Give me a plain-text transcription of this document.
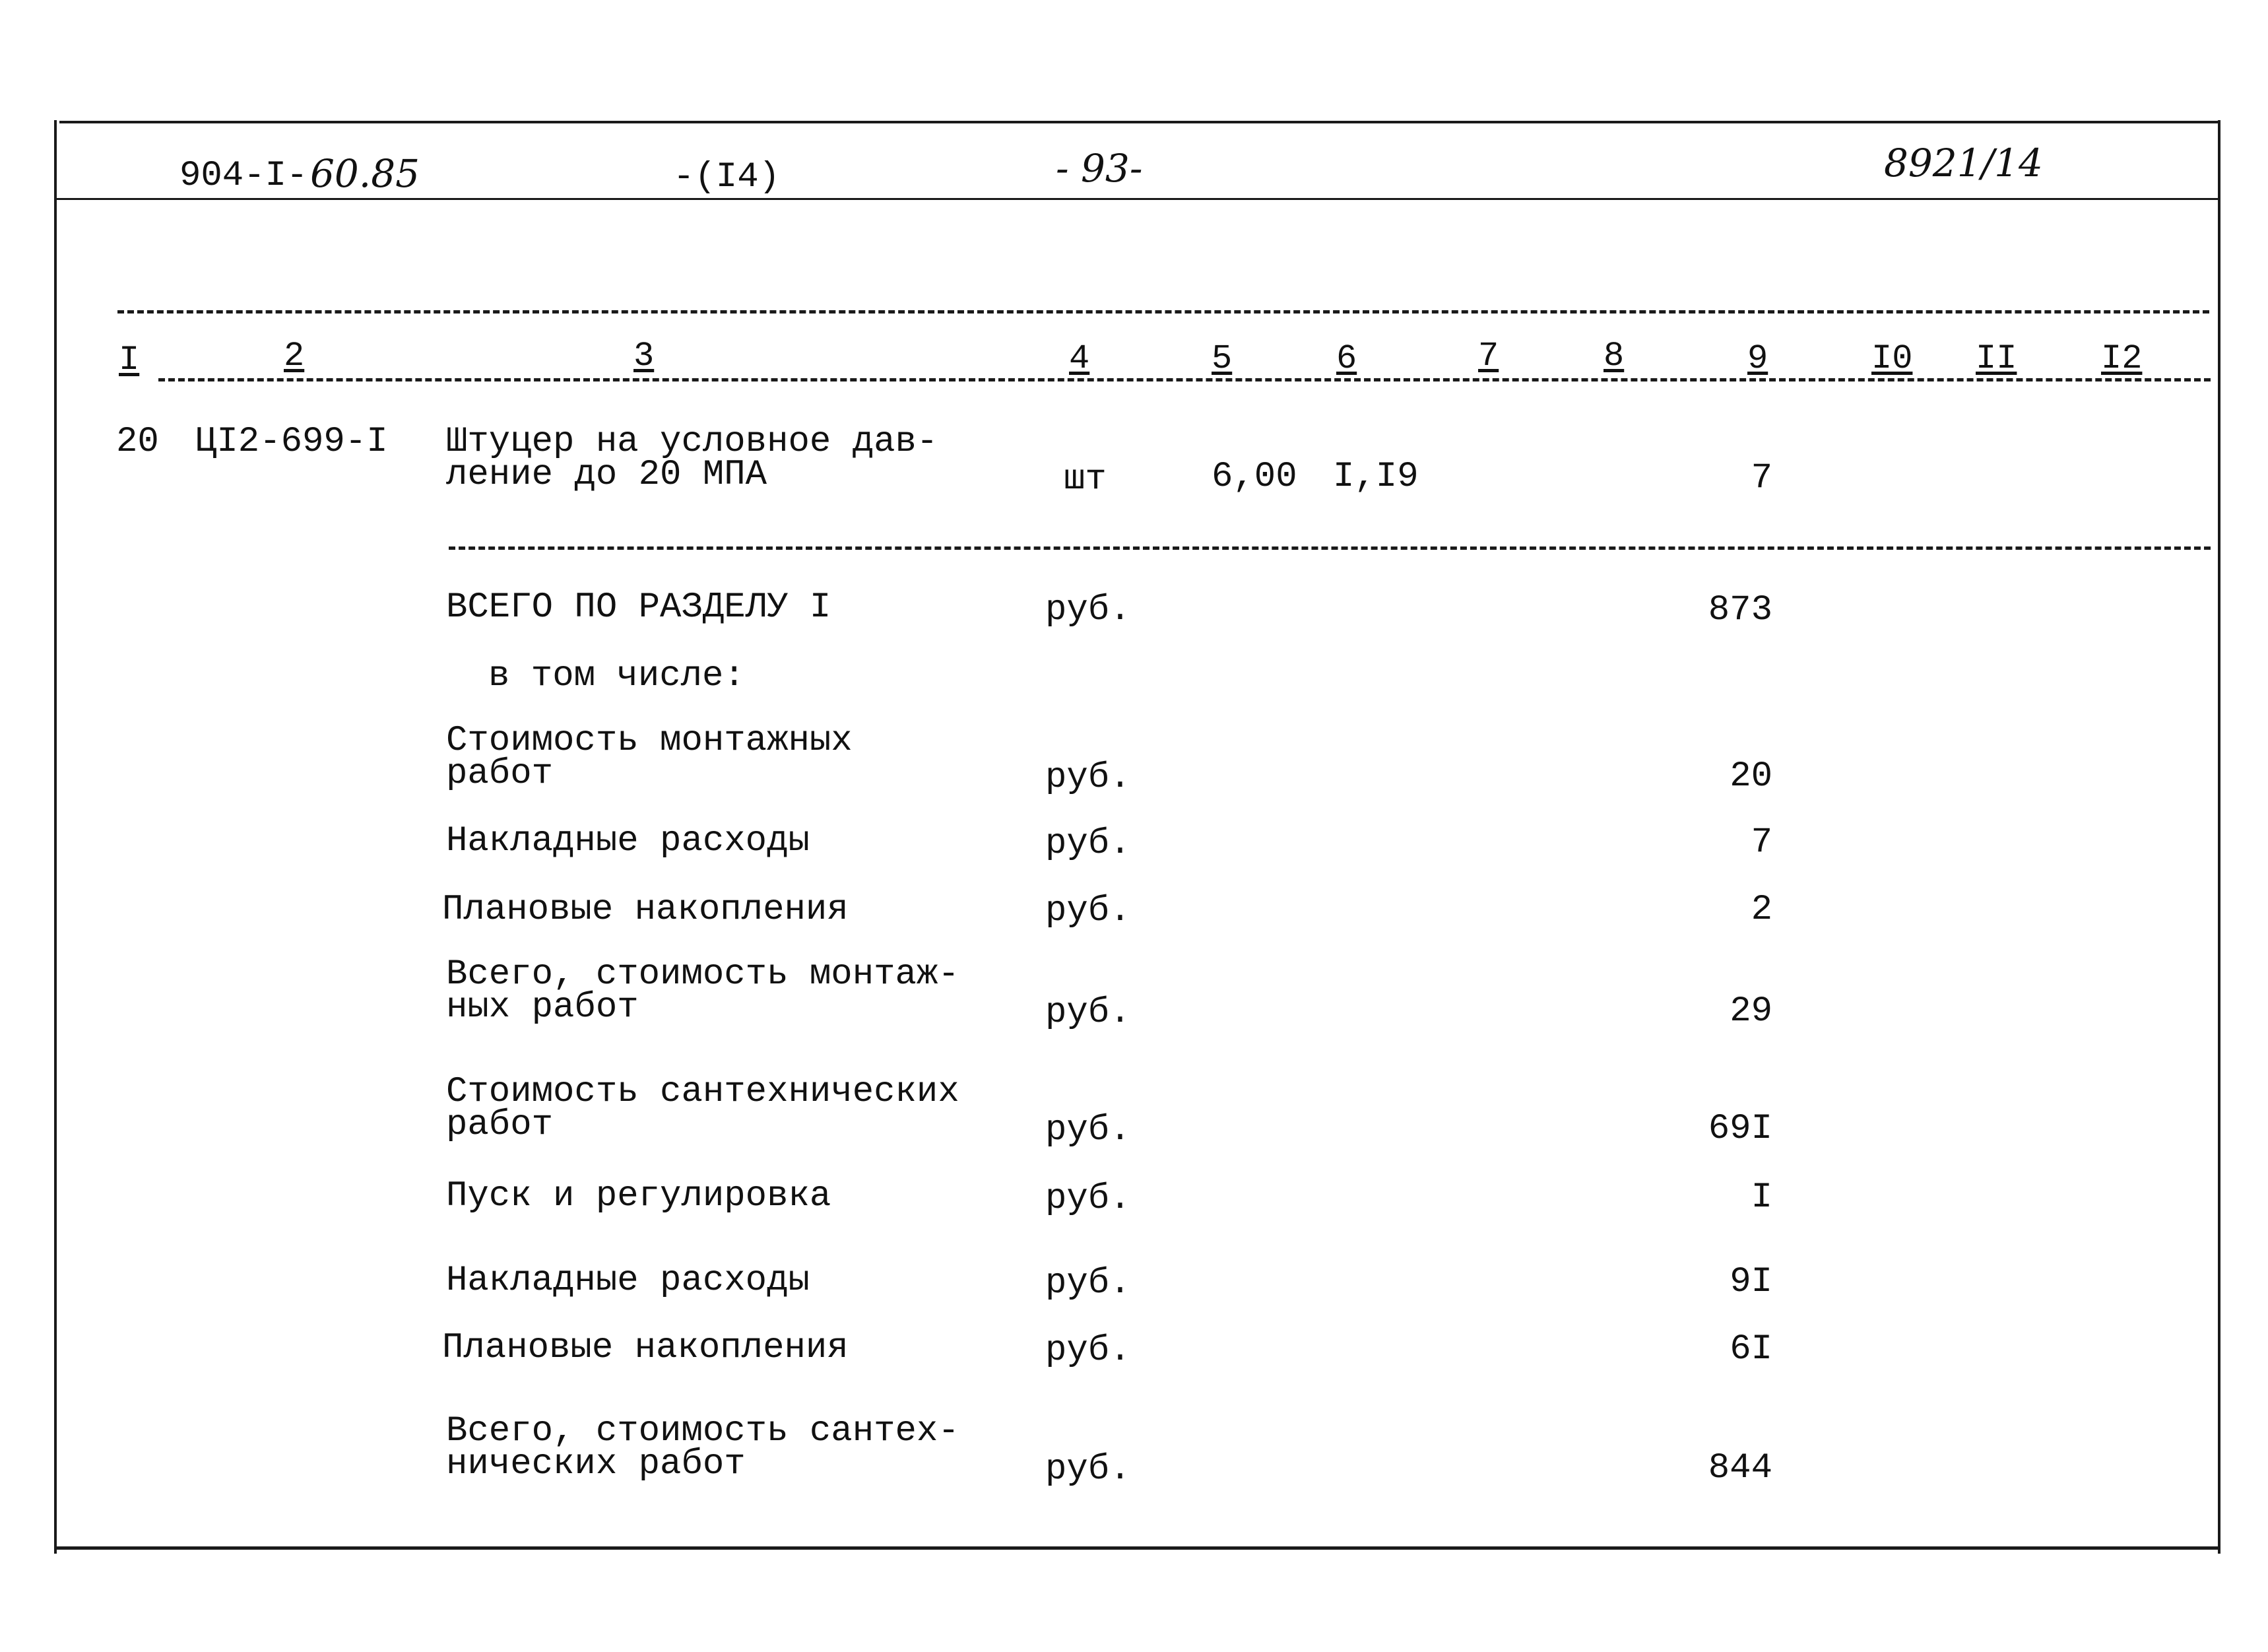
904-I- 60.85	-(I4)	- 93-	8921/14
I	2	3	4	5	6	7	8	9	I0 II I2
20 ЦI2-699-I Штуцер на условное дав-
ление до 20 МПА	шт	6,00 I,I9	7
ВСЕГО ПО РАЗДЕЛУ I	руб.	873
в том числе:
Стоимость монтажных
работ	руб.	20
Накладные расходы	руб.	7
Плановые накопления	руб.	2
Всего, стоимость монтаж-
ных работ	руб.	29
Стоимость сантехнических
работ	руб.	69I
Пуск и регулировка	руб.	I
Накладные расходы	руб.	9I
Плановые накопления	руб.	6I
Всего, стоимость сантех-
нических работ	руб.	844
